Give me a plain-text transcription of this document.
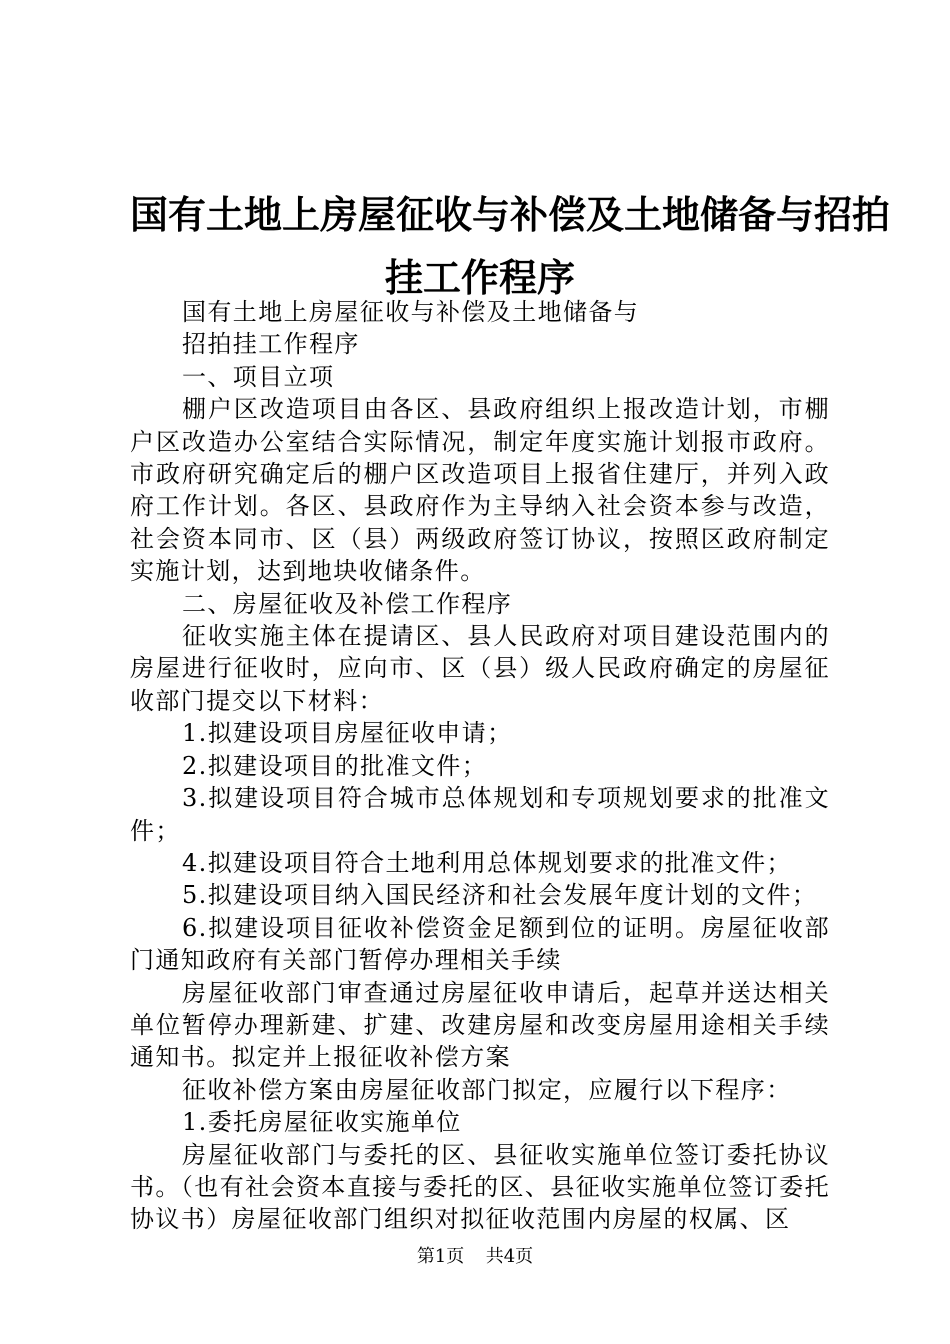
国有土地上房屋征收与补偿及土地储备与招拍
挂工作程序

国有土地上房屋征收与补偿及土地储备与

招拍挂工作程序

一、项目立项

棚户区改造项目由各区、县政府组织上报改造计划，市棚户区改造办公室结合实际情况，制定年度实施计划报市政府。市政府研究确定后的棚户区改造项目上报省住建厅，并列入政府工作计划。各区、县政府作为主导纳入社会资本参与改造，社会资本同市、区（县）两级政府签订协议，按照区政府制定实施计划，达到地块收储条件。

二、房屋征收及补偿工作程序

征收实施主体在提请区、县人民政府对项目建设范围内的房屋进行征收时，应向市、区（县）级人民政府确定的房屋征收部门提交以下材料：

1.拟建设项目房屋征收申请；

2.拟建设项目的批准文件；

3.拟建设项目符合城市总体规划和专项规划要求的批准文件；

4.拟建设项目符合土地利用总体规划要求的批准文件；

5.拟建设项目纳入国民经济和社会发展年度计划的文件；

6.拟建设项目征收补偿资金足额到位的证明。房屋征收部门通知政府有关部门暂停办理相关手续

房屋征收部门审查通过房屋征收申请后，起草并送达相关单位暂停办理新建、扩建、改建房屋和改变房屋用途相关手续通知书。拟定并上报征收补偿方案

征收补偿方案由房屋征收部门拟定，应履行以下程序：

1.委托房屋征收实施单位

房屋征收部门与委托的区、县征收实施单位签订委托协议书。（也有社会资本直接与委托的区、县征收实施单位签订委托协议书）房屋征收部门组织对拟征收范围内房屋的权属、区

第1页 共4页
